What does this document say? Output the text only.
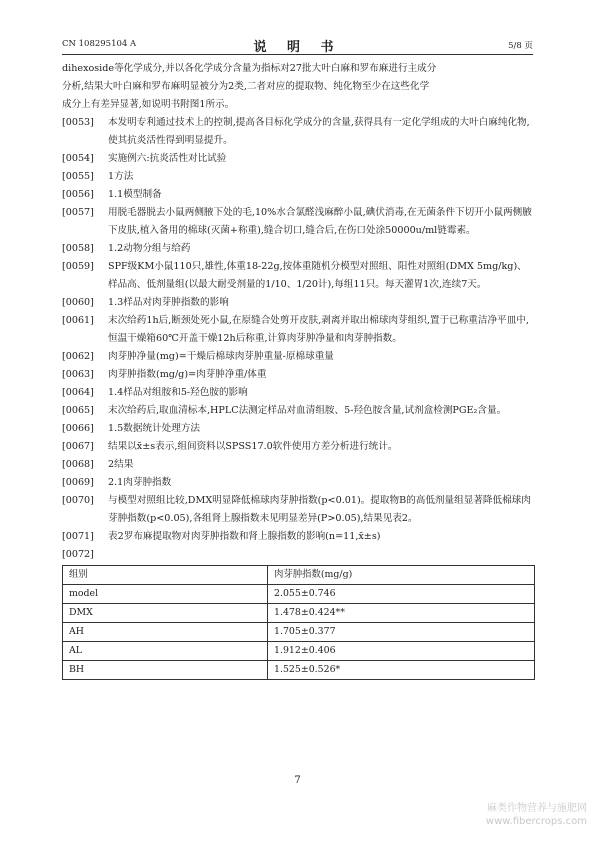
CN 108295104 A	说 明 书	5/8 页

dihexoside等化学成分,并以各化学成分含量为指标对27批大叶白麻和罗布麻进行主成分

分析,结果大叶白麻和罗布麻明显被分为2类,二者对应的提取物、纯化物至少在这些化学

成分上有差异显著,如说明书附图1所示。

[0053]	本发明专利通过技术上的控制,提高各目标化学成分的含量,获得具有一定化学组成的大叶白麻纯化物,使其抗炎活性得到明显提升。
[0054]	实施例六:抗炎活性对比试验
[0055]	1方法
[0056]	1.1模型制备
[0057]	用脱毛器脱去小鼠两侧腋下处的毛,10%水合氯醛浅麻醉小鼠,碘伏消毒,在无菌条件下切开小鼠两侧腋下皮肤,植入备用的棉球(灭菌+称重),缝合切口,缝合后,在伤口处涂50000u/ml链霉素。
[0058]	1.2动物分组与给药
[0059]	SPF级KM小鼠110只,雄性,体重18-22g,按体重随机分模型对照组、阳性对照组(DMX 5mg/kg)、样品高、低剂量组(以最大耐受剂量的1/10、1/20计),每组11只。每天灌胃1次,连续7天。
[0060]	1.3样品对肉芽肿指数的影响
[0061]	末次给药1h后,断颈处死小鼠,在原缝合处剪开皮肤,剥离并取出棉球肉芽组织,置于已称重洁净平皿中,恒温干燥箱60℃开盖干燥12h后称重,计算肉芽肿净量和肉芽肿指数。
[0062]	肉芽肿净量(mg)=干燥后棉球肉芽肿重量-原棉球重量
[0063]	肉芽肿指数(mg/g)=肉芽肿净重/体重
[0064]	1.4样品对组胺和5-羟色胺的影响
[0065]	末次给药后,取血清标本,HPLC法测定样品对血清组胺、5-羟色胺含量,试剂盒检测PGE₂含量。
[0066]	1.5数据统计处理方法
[0067]	结果以x̄±s表示,组间资料以SPSS17.0软件使用方差分析进行统计。
[0068]	2结果
[0069]	2.1肉芽肿指数
[0070]	与模型对照组比较,DMX明显降低棉球肉芽肿指数(p<0.01)。提取物B的高低剂量组显著降低棉球肉芽肿指数(p<0.05),各组肾上腺指数未见明显差异(P>0.05),结果见表2。
[0071]	表2罗布麻提取物对肉芽肿指数和肾上腺指数的影响(n=11,x̄±s)
[0072]
组别	肉芽肿指数(mg/g)
model	2.055±0.746
DMX	1.478±0.424**
AH	1.705±0.377
AL	1.912±0.406
BH	1.525±0.526*
7
麻类作物营养与施肥网
www.fibercrops.com
